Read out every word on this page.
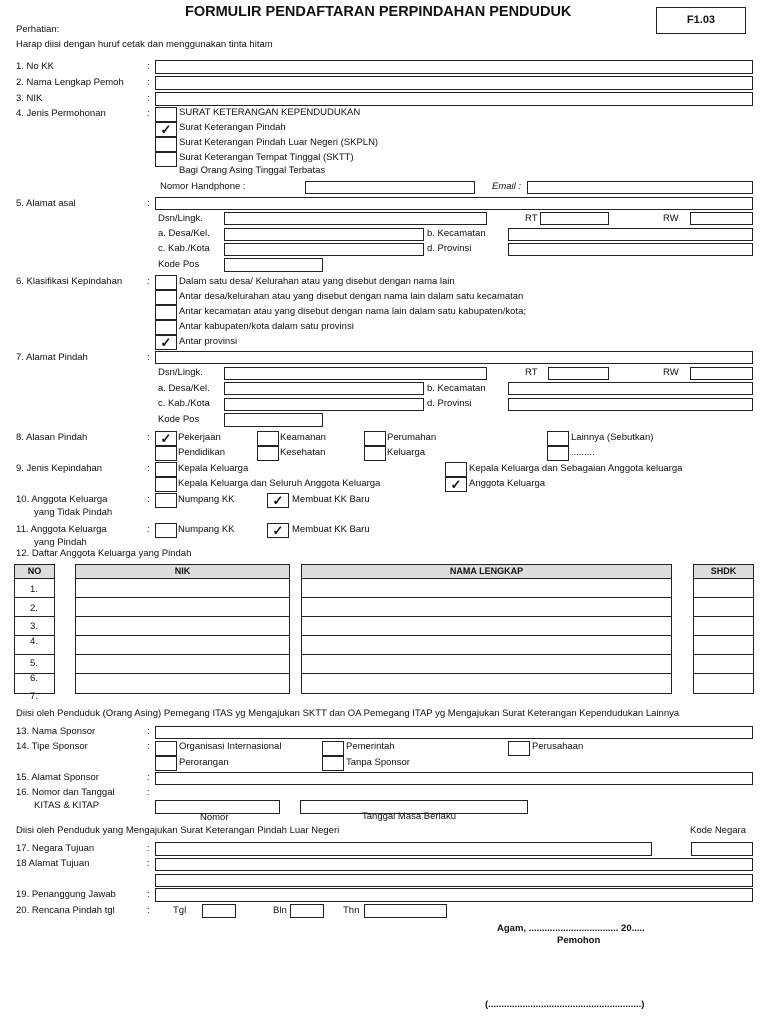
FORMULIR PENDAFTARAN PERPINDAHAN PENDUDUK	F1.03
Perhatian:
Harap diisi dengan huruf cetak dan menggunakan tinta hitam
1. No KK	:
2. Nama Lengkap Pemoh :
3. NIK	:
4. Jenis Permohonan	:	SURAT KETERANGAN KEPENDUDUKAN
✓ Surat Keterangan Pindah
Surat Keterangan Pindah Luar Negeri (SKPLN)
Surat Keterangan Tempat Tinggal (SKTT)
Bagi Orang Asing Tinggal Terbatas
Nomor Handphone :	Email :
5. Alamat asal	:
Dsn/Lingk.	RT	RW
a. Desa/Kel.	b. Kecamatan
c. Kab./Kota	d. Provinsi
Kode Pos
6. Klasifikasi Kepindahan	:	Dalam satu desa/ Kelurahan atau yang disebut dengan nama lain
Antar desa/kelurahan atau yang disebut dengan nama lain dalam satu kecamatan
Antar kecamatan atau yang disebut dengan nama lain dalam satu kabupaten/kota;
Antar kabupaten/kota dalam satu provinsi
✓ Antar provinsi
7. Alamat Pindah	:
Dsn/Lingk.	RT	RW
a. Desa/Kel.	b. Kecamatan
c. Kab./Kota	d. Provinsi
Kode Pos
8. Alasan Pindah	: ✓ Pekerjaan	Keamanan	Perumahan	Lainnya (Sebutkan)
Pendidikan	Kesehatan	Keluarga	.........
9. Jenis Kepindahan	:	Kepala Keluarga	Kepala Keluarga dan Sebagaian Anggota keluarga
Kepala Keluarga dan Seluruh Anggota Keluarga	✓ Anggota Keluarga
10. Anggota Keluarga
yang Tidak Pindah
:	Numpang KK	✓ Membuat KK Baru
11. Anggota Keluarga
yang Pindah
:	Numpang KK	✓ Membuat KK Baru
12. Daftar Anggota Keluarga yang Pindah
NO	NIK	NAMA LENGKAP	SHDK
1.
2.
3.
4.
5.
6.
7.
Diisi oleh Penduduk (Orang Asing) Pemegang ITAS yg Mengajukan SKTT dan OA Pemegang ITAP yg Mengajukan Surat Keterangan Kependudukan Lainnya
13. Nama Sponsor	:
14. Tipe Sponsor	:	Organisasi Internasional	Pemerintah	Perusahaan
Perorangan	Tanpa Sponsor
15. Alamat Sponsor	:
16. Nomor dan Tanggal
KITAS & KITAP
:
Nomor	Tanggal Masa Berlaku
Diisi oleh Penduduk yang Mengajukan Surat Keterangan Pindah Luar Negeri	Kode Negara
17. Negara Tujuan	:
18 Alamat Tujuan	:
19. Penanggung Jawab	:
20. Rencana Pindah tgl	: Tgl	Bln	Thn
Agam, .................................. 20.....
Pemohon
(..........................................................)
